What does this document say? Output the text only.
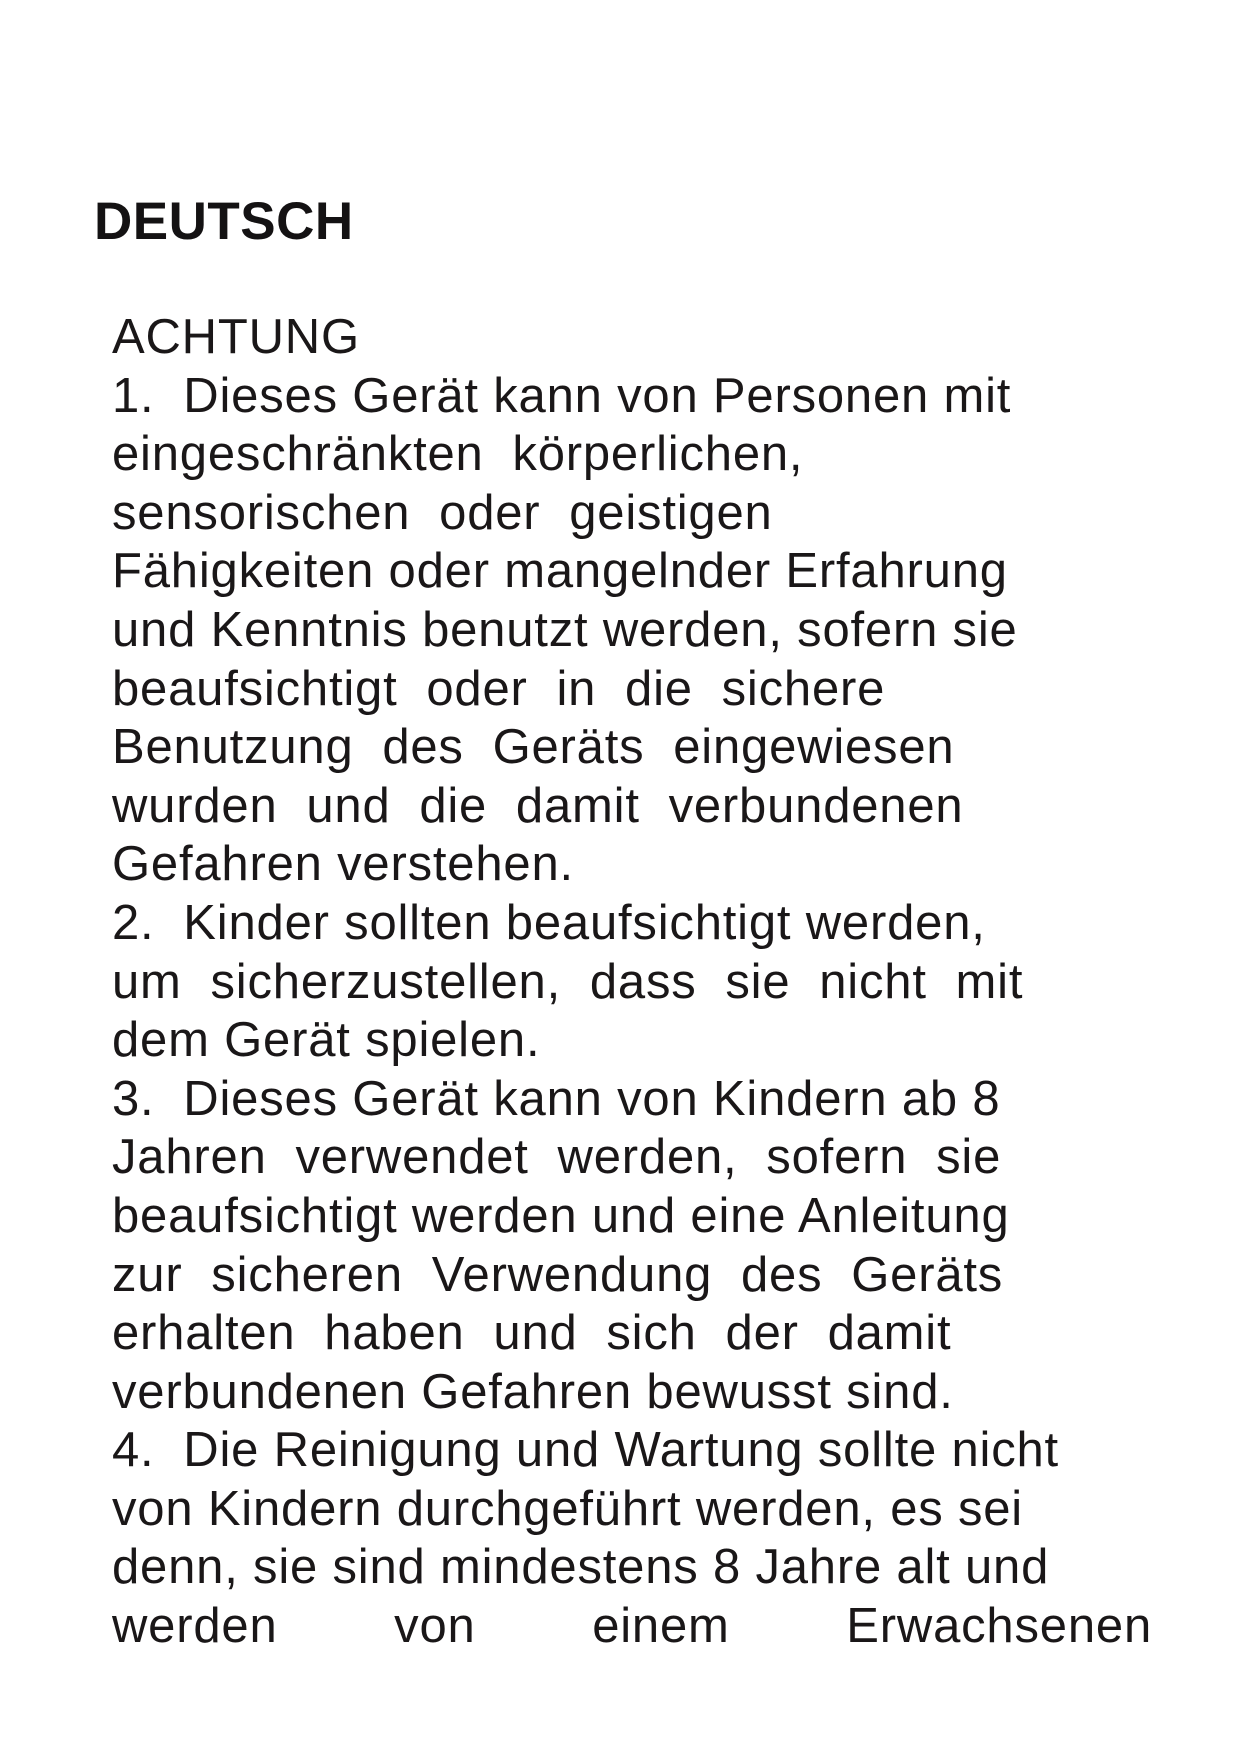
DEUTSCH
ACHTUNG
1.  Dieses Gerät kann von Personen mit
eingeschränkten  körperlichen,
sensorischen  oder  geistigen
Fähigkeiten oder mangelnder Erfahrung
und Kenntnis benutzt werden, sofern sie
beaufsichtigt  oder  in  die  sichere
Benutzung  des  Geräts  eingewiesen
wurden  und  die  damit  verbundenen
Gefahren verstehen.
2.  Kinder sollten beaufsichtigt werden,
um  sicherzustellen,  dass  sie  nicht  mit
dem Gerät spielen.
3.  Dieses Gerät kann von Kindern ab 8
Jahren  verwendet  werden,  sofern  sie
beaufsichtigt werden und eine Anleitung
zur  sicheren  Verwendung  des  Geräts
erhalten  haben  und  sich  der  damit
verbundenen Gefahren bewusst sind.
4.  Die Reinigung und Wartung sollte nicht
von Kindern durchgeführt werden, es sei
denn, sie sind mindestens 8 Jahre alt und
werden von einem Erwachsenen
